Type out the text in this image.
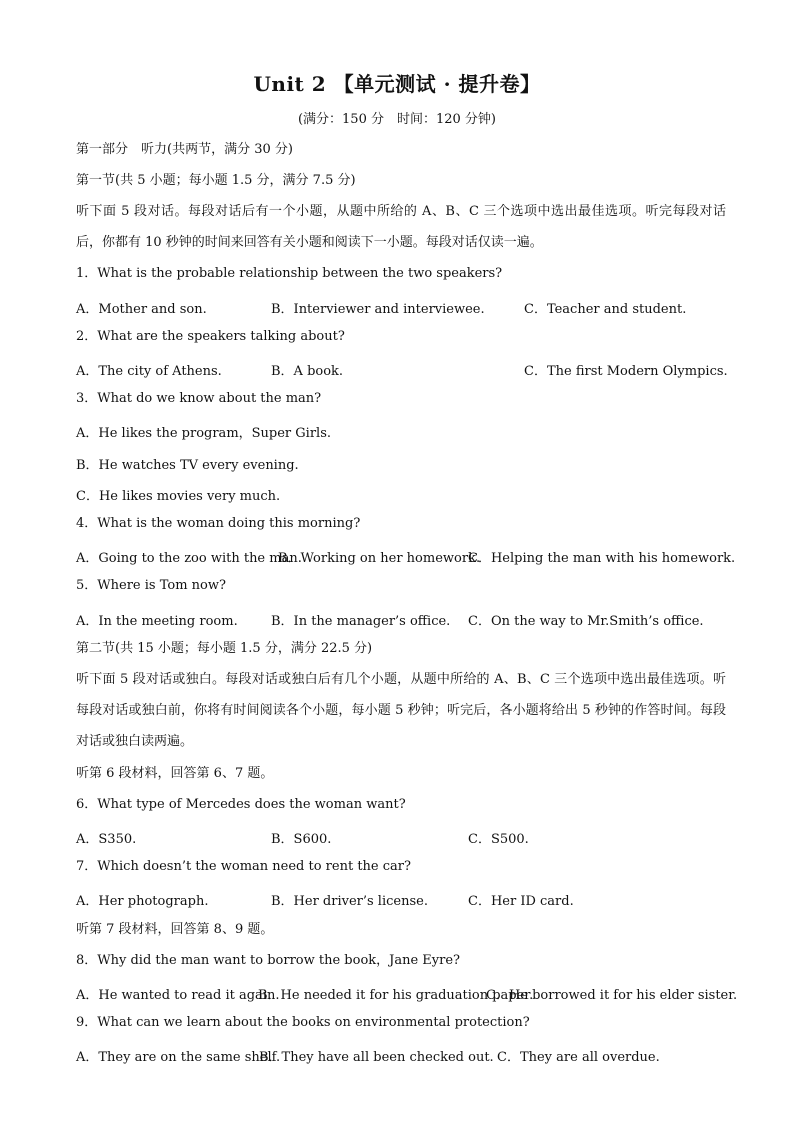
Unit 2 【单元测试 · 提升卷】
(满分：150 分　时间：120 分钟)
第一部分　听力(共两节，满分 30 分)
第一节(共 5 小题；每小题 1.5 分，满分 7.5 分)
听下面 5 段对话。每段对话后有一个小题，从题中所给的 A、B、C 三个选项中选出最佳选项。听完每段对话后，你都有 10 秒钟的时间来回答有关小题和阅读下一小题。每段对话仅读一遍。
1．What is the probable relationship between the two speakers?
A．Mother and son.	B．Interviewer and interviewee.	C．Teacher and student.
2．What are the speakers talking about?
A．The city of Athens.	B．A book.	C．The first Modern Olympics.
3．What do we know about the man?
A．He likes the program，Super Girls.
B．He watches TV every evening.
C．He likes movies very much.
4．What is the woman doing this morning?
A．Going to the zoo with the man.
B．Working on her homework.
C．Helping the man with his homework.
5．Where is Tom now?
A．In the meeting room.	B．In the manager’s office. C．On the way to Mr.Smith’s office.
第二节(共 15 小题；每小题 1.5 分，满分 22.5 分)
听下面 5 段对话或独白。每段对话或独白后有几个小题，从题中所给的 A、B、C 三个选项中选出最佳选项。听每段对话或独白前，你将有时间阅读各个小题，每小题 5 秒钟；听完后，各小题将给出 5 秒钟的作答时间。每段对话或独白读两遍。
听第 6 段材料，回答第 6、7 题。
6．What type of Mercedes does the woman want?
A．S350.	B．S600.	C．S500.
7．Which doesn’t the woman need to rent the car?
A．Her photograph.	B．Her driver’s license.	C．Her ID card.
听第 7 段材料，回答第 8、9 题。
8．Why did the man want to borrow the book，Jane Eyre?
A．He wanted to read it again.
B．He needed it for his graduation paper.
C．He borrowed it for his elder sister.
9．What can we learn about the books on environmental protection?
A．They are on the same shelf.
B．They have all been checked out. C．They are all overdue.
